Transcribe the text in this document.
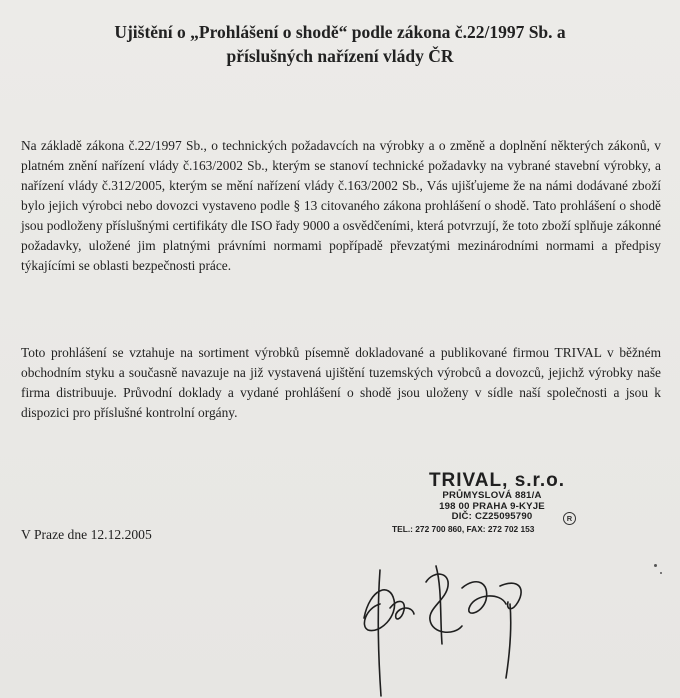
Ujištění o „Prohlášení o shodě“ podle zákona č.22/1997 Sb. a
příslušných nařízení vlády ČR
Na základě zákona č.22/1997 Sb., o technických požadavcích na výrobky a o změně a doplnění některých zákonů, v platném znění nařízení vlády č.163/2002 Sb., kterým se stanoví technické požadavky na vybrané stavební výrobky, a nařízení vlády č.312/2005, kterým se mění nařízení vlády č.163/2002 Sb., Vás ujišťujeme že na námi dodávané zboží bylo jejich výrobci nebo dovozci vystaveno podle § 13 citovaného zákona prohlášení o shodě. Tato prohlášení o shodě jsou podloženy příslušnými certifikáty dle ISO řady 9000 a osvědčeními, která potvrzují, že toto zboží splňuje zákonné požadavky, uložené jim platnými právními normami popřípadě převzatými mezinárodními normami a předpisy týkajícími se oblasti bezpečnosti práce.
Toto prohlášení se vztahuje na sortiment výrobků písemně dokladované a publikované firmou TRIVAL v běžném obchodním styku a současně navazuje na již vystavená ujištění tuzemských výrobců a dovozců, jejichž výrobky naše firma distribuuje. Průvodní doklady a vydané prohlášení o shodě jsou uloženy v sídle naší společnosti a jsou k dispozici pro příslušné kontrolní orgány.
V Praze dne 12.12.2005
TRIVAL, s.r.o.
PRŮMYSLOVÁ 881/A
198 00 PRAHA 9-KYJE
DIČ: CZ25095790
TEL.: 272 700 860, FAX: 272 702 153
R
